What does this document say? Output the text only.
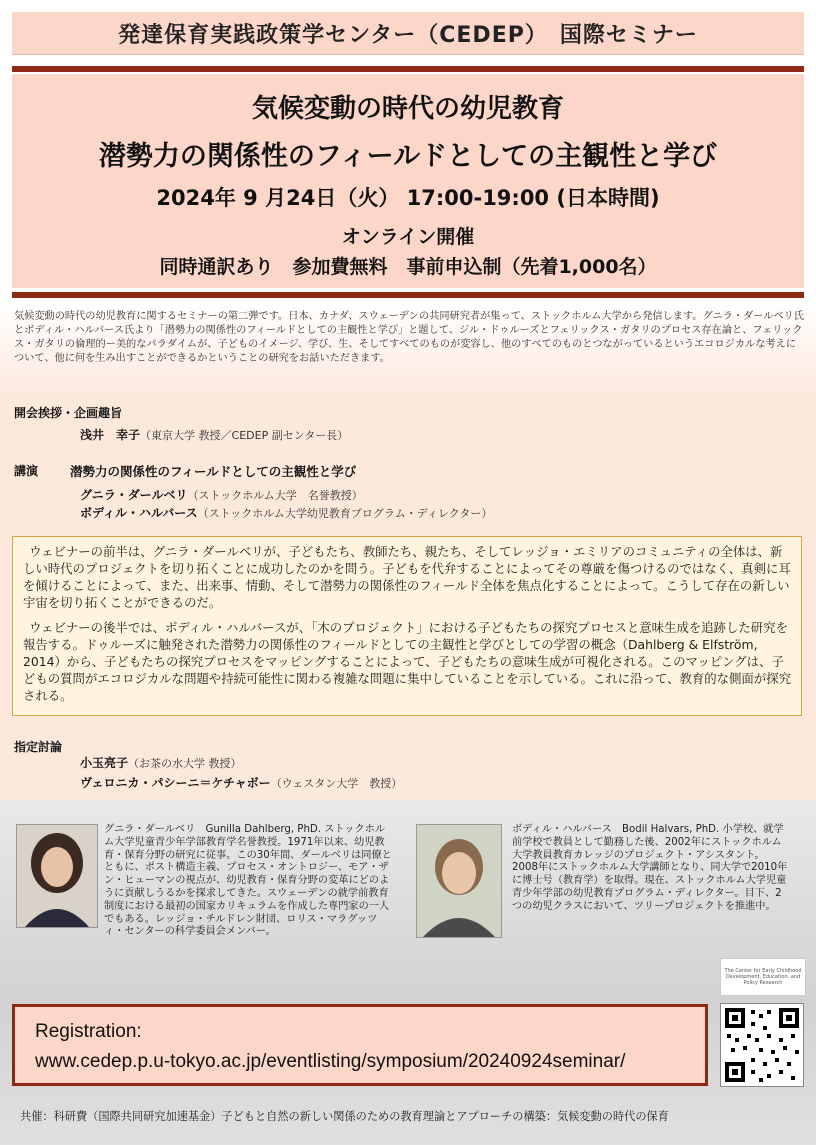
発達保育実践政策学センター（CEDEP）　国際セミナー
気候変動の時代の幼児教育
潜勢力の関係性のフィールドとしての主観性と学び
2024年 9 月24日（火） 17:00-19:00 (日本時間)
オンライン開催
同時通訳あり　参加費無料　事前申込制（先着1,000名）
気候変動の時代の幼児教育に関するセミナーの第二弾です。日本、カナダ、スウェーデンの共同研究者が集って、ストックホルム大学から発信します。グニラ・ダールベリ氏とボディル・ハルバース氏より「潜勢力の関係性のフィールドとしての主観性と学び」と題して、ジル・ドゥルーズとフェリックス・ガタリのプロセス存在論と、フェリックス・ガタリの倫理的ー美的なパラダイムが、子どものイメージ、学び、生、そしてすべてのものが変容し、他のすべてのものとつながっているというエコロジカルな考えについて、他に何を生み出すことができるかということの研究をお話いただきます。
開会挨拶・企画趣旨
浅井　幸子（東京大学 教授／CEDEP 副センター長）
講演	潜勢力の関係性のフィールドとしての主観性と学び
グニラ・ダールベリ（ストックホルム大学　名誉教授）
ボディル・ハルバース（ストックホルム大学幼児教育プログラム・ディレクター）

ウェビナーの前半は、グニラ・ダールベリが、子どもたち、教師たち、親たち、そしてレッジョ・エミリアのコミュニティの全体は、新しい時代のプロジェクトを切り拓くことに成功したのかを問う。子どもを代弁することによってその尊厳を傷つけるのではなく、真剣に耳を傾けることによって、また、出来事、情動、そして潜勢力の関係性のフィールド全体を焦点化することによって。こうして存在の新しい宇宙を切り拓くことができるのだ。

ウェビナーの後半では、ボディル・ハルバースが、「木のプロジェクト」における子どもたちの探究プロセスと意味生成を追跡した研究を報告する。ドゥルーズに触発された潜勢力の関係性のフィールドとしての主観性と学びとしての学習の概念（Dahlberg & Elfström, 2014）から、子どもたちの探究プロセスをマッピングすることによって、子どもたちの意味生成が可視化される。このマッピングは、子どもの質問がエコロジカルな問題や持続可能性に関わる複雑な問題に集中していることを示している。これに沿って、教育的な側面が探究される。

指定討論
小玉亮子（お茶の水大学 教授）
ヴェロニカ・パシーニ＝ケチャボー（ウェスタン大学　教授）
グニラ・ダールベリ　Gunilla Dahlberg, PhD. ストックホルム大学児童青少年学部教育学名誉教授。1971年以来、幼児教育・保育分野の研究に従事。この30年間、ダールベリは同僚とともに、ポスト構造主義、プロセス・オントロジー、モア・ザン・ヒューマンの視点が、幼児教育・保育分野の変革にどのように貢献しうるかを探求してきた。スウェーデンの就学前教育制度における最初の国家カリキュラムを作成した専門家の一人でもある。レッジョ・チルドレン財団、ロリス・マラグッツィ・センターの科学委員会メンバー。
ボディル・ハルバース　Bodil Halvars, PhD. 小学校、就学前学校で教員として勤務した後、2002年にストックホルム大学教員教育カレッジのプロジェクト・アシスタント。2008年にストックホルム大学講師となり、同大学で2010年に博士号（教育学）を取得。現在、ストックホルム大学児童青少年学部の幼児教育プログラム・ディレクター。目下、2つの幼児クラスにおいて、ツリープロジェクトを推進中。
The Center for Early Childhood Development, Education, and Policy Research
Registration:
www.cedep.p.u-tokyo.ac.jp/eventlisting/symposium/20240924seminar/
共催：科研費（国際共同研究加速基金）子どもと自然の新しい関係のための教育理論とアプローチの構築：気候変動の時代の保育
